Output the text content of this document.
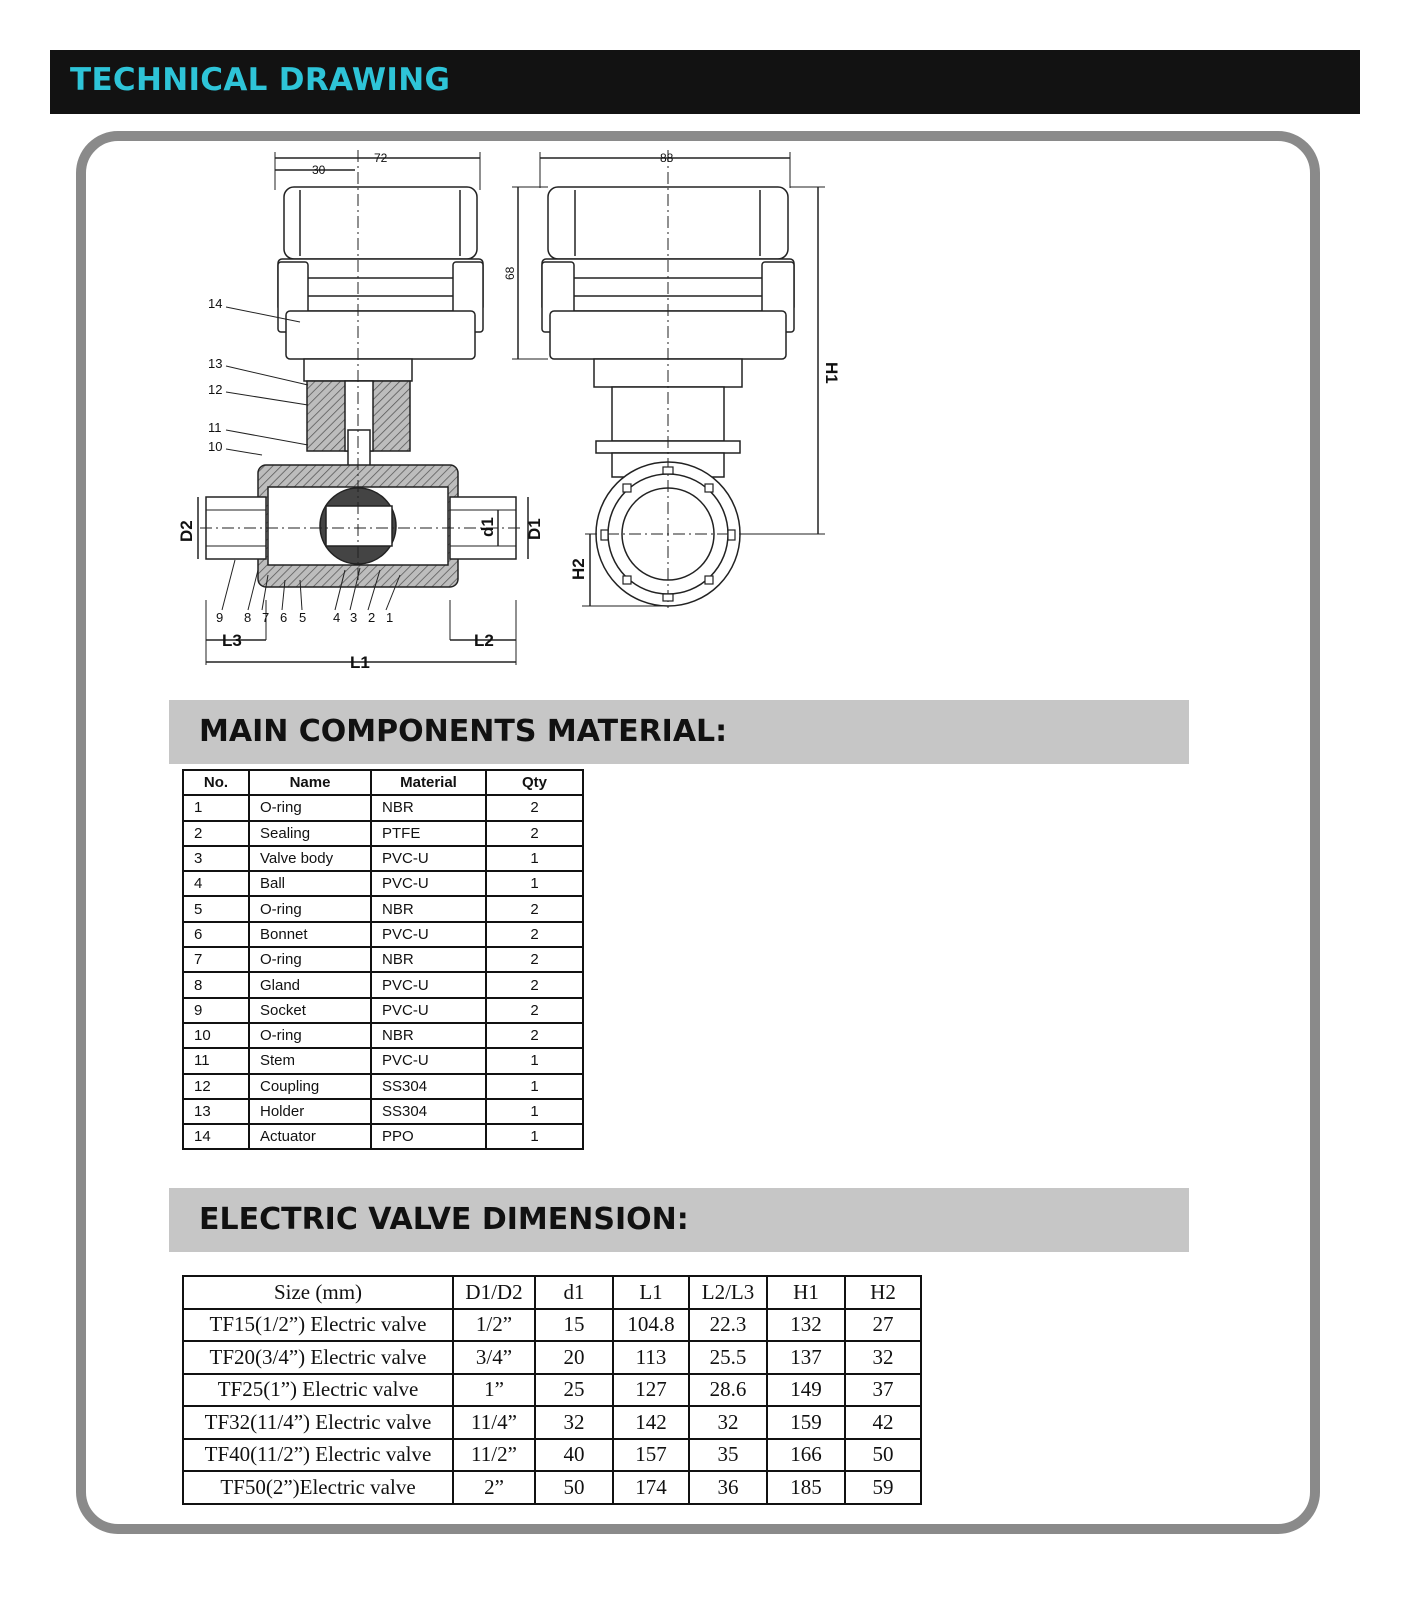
TECHNICAL DRAWING
72
30
88
68
H1
H2
D2	d1 D1
L1
L2
L3
14
13
12
11
10
9 8 7 6 5 4 3 2 1
MAIN COMPONENTS MATERIAL:
No.	Name	Material	Qty
1	O-ring	NBR	2
2	Sealing	PTFE	2
3	Valve body	PVC-U	1
4	Ball	PVC-U	1
5	O-ring	NBR	2
6	Bonnet	PVC-U	2
7	O-ring	NBR	2
8	Gland	PVC-U	2
9	Socket	PVC-U	2
10	O-ring	NBR	2
11	Stem	PVC-U	1
12	Coupling	SS304	1
13	Holder	SS304	1
14	Actuator	PPO	1
ELECTRIC VALVE DIMENSION:
Size (mm)	D1/D2	d1	L1	L2/L3	H1	H2
TF15(1/2”) Electric valve	1/2”	15	104.8	22.3	132	27
TF20(3/4”) Electric valve	3/4”	20	113	25.5	137	32
TF25(1”) Electric valve	1”	25	127	28.6	149	37
TF32(11/4”) Electric valve	11/4”	32	142	32	159	42
TF40(11/2”) Electric valve	11/2”	40	157	35	166	50
TF50(2”)Electric valve	2”	50	174	36	185	59
